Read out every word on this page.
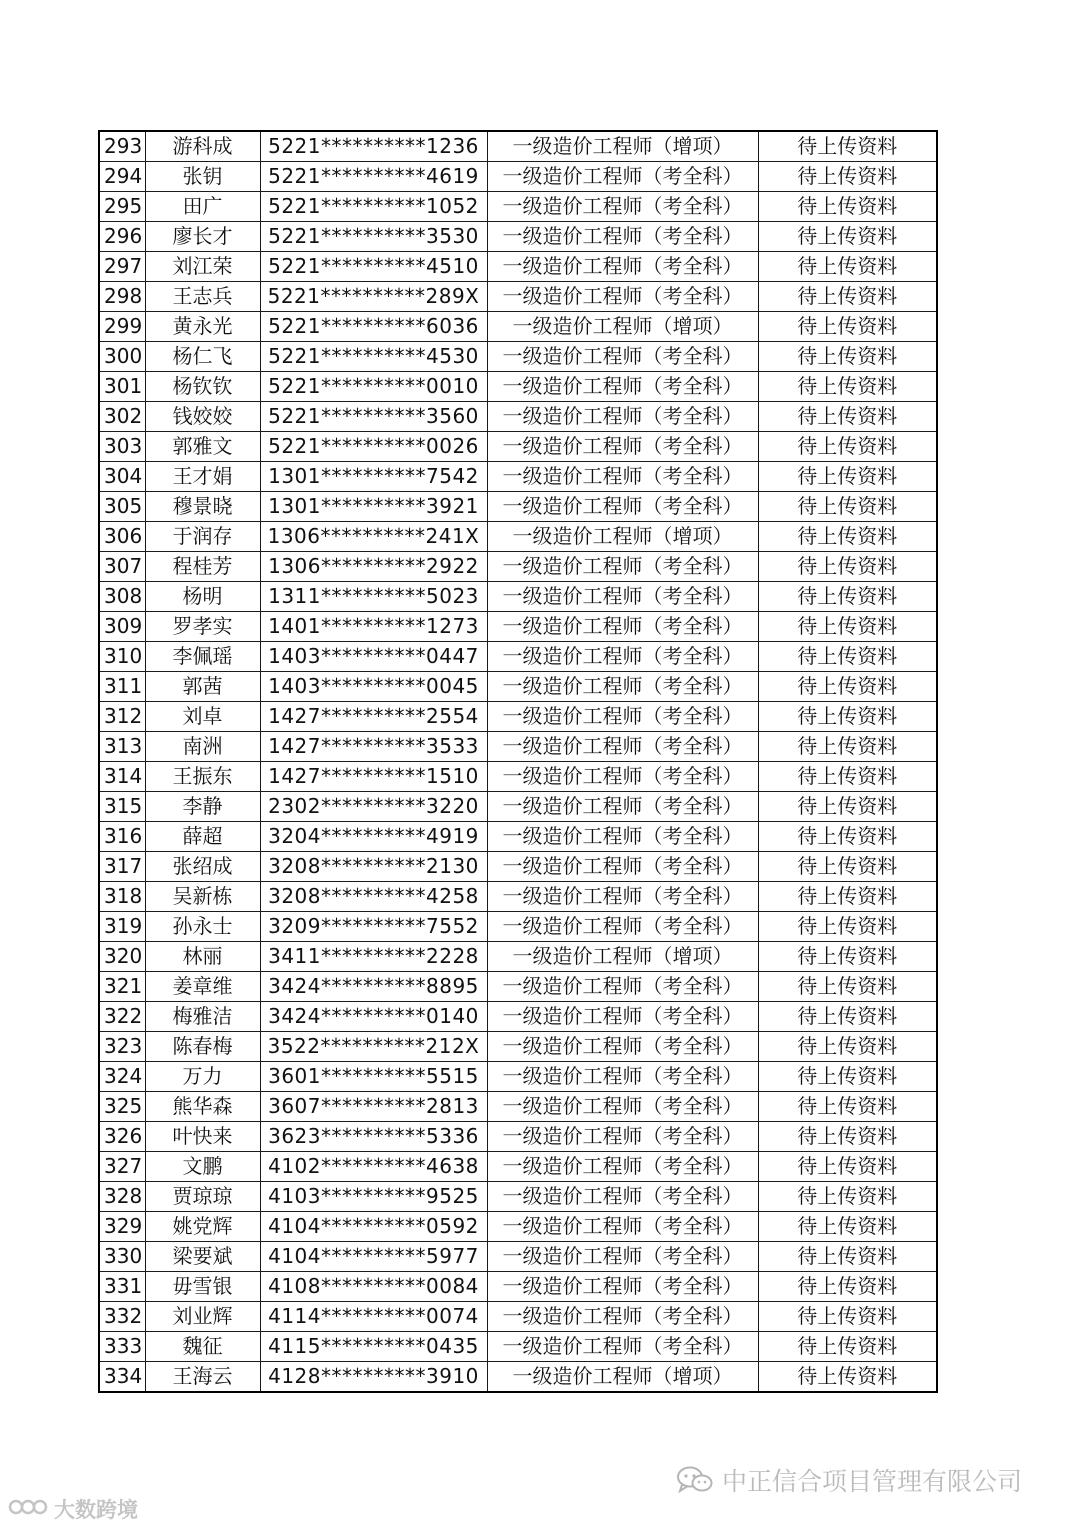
293	游科成	5221**********1236	一级造价工程师（增项）	待上传资料
294	张钥	5221**********4619	一级造价工程师（考全科）	待上传资料
295	田广	5221**********1052	一级造价工程师（考全科）	待上传资料
296	廖长才	5221**********3530	一级造价工程师（考全科）	待上传资料
297	刘江荣	5221**********4510	一级造价工程师（考全科）	待上传资料
298	王志兵	5221**********289X	一级造价工程师（考全科）	待上传资料
299	黄永光	5221**********6036	一级造价工程师（增项）	待上传资料
300	杨仁飞	5221**********4530	一级造价工程师（考全科）	待上传资料
301	杨钦钦	5221**********0010	一级造价工程师（考全科）	待上传资料
302	钱姣姣	5221**********3560	一级造价工程师（考全科）	待上传资料
303	郭雅文	5221**********0026	一级造价工程师（考全科）	待上传资料
304	王才娟	1301**********7542	一级造价工程师（考全科）	待上传资料
305	穆景晓	1301**********3921	一级造价工程师（考全科）	待上传资料
306	于润存	1306**********241X	一级造价工程师（增项）	待上传资料
307	程桂芳	1306**********2922	一级造价工程师（考全科）	待上传资料
308	杨明	1311**********5023	一级造价工程师（考全科）	待上传资料
309	罗孝实	1401**********1273	一级造价工程师（考全科）	待上传资料
310	李佩瑶	1403**********0447	一级造价工程师（考全科）	待上传资料
311	郭茜	1403**********0045	一级造价工程师（考全科）	待上传资料
312	刘卓	1427**********2554	一级造价工程师（考全科）	待上传资料
313	南洲	1427**********3533	一级造价工程师（考全科）	待上传资料
314	王振东	1427**********1510	一级造价工程师（考全科）	待上传资料
315	李静	2302**********3220	一级造价工程师（考全科）	待上传资料
316	薛超	3204**********4919	一级造价工程师（考全科）	待上传资料
317	张绍成	3208**********2130	一级造价工程师（考全科）	待上传资料
318	吴新栋	3208**********4258	一级造价工程师（考全科）	待上传资料
319	孙永士	3209**********7552	一级造价工程师（考全科）	待上传资料
320	林丽	3411**********2228	一级造价工程师（增项）	待上传资料
321	姜章维	3424**********8895	一级造价工程师（考全科）	待上传资料
322	梅雅洁	3424**********0140	一级造价工程师（考全科）	待上传资料
323	陈春梅	3522**********212X	一级造价工程师（考全科）	待上传资料
324	万力	3601**********5515	一级造价工程师（考全科）	待上传资料
325	熊华森	3607**********2813	一级造价工程师（考全科）	待上传资料
326	叶快来	3623**********5336	一级造价工程师（考全科）	待上传资料
327	文鹏	4102**********4638	一级造价工程师（考全科）	待上传资料
328	贾琼琼	4103**********9525	一级造价工程师（考全科）	待上传资料
329	姚党辉	4104**********0592	一级造价工程师（考全科）	待上传资料
330	梁要斌	4104**********5977	一级造价工程师（考全科）	待上传资料
331	毋雪银	4108**********0084	一级造价工程师（考全科）	待上传资料
332	刘业辉	4114**********0074	一级造价工程师（考全科）	待上传资料
333	魏征	4115**********0435	一级造价工程师（考全科）	待上传资料
334	王海云	4128**********3910	一级造价工程师（增项）	待上传资料
中正信合项目管理有限公司
大数跨境
